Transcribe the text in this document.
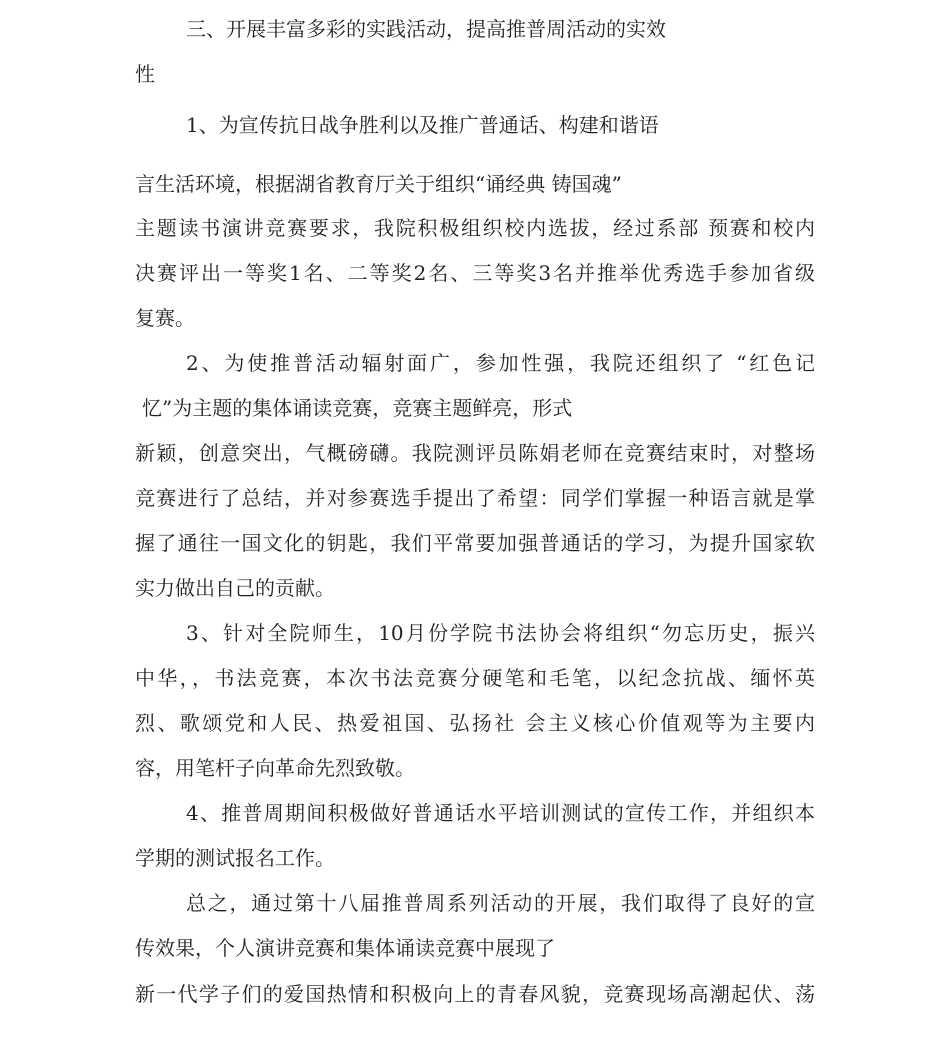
三、开展丰富多彩的实践活动，提高推普周活动的实效
性
1、为宣传抗日战争胜利以及推广普通话、构建和谐语
言生活环境，根据湖省教育厅关于组织“诵经典 铸国魂”
主题读书演讲竞赛要求，我院积极组织校内选拔，经过系部 预赛和校内
决赛评出一等奖1名、二等奖2名、三等奖3名并推举优秀选手参加省级
复赛。
2、为使推普活动辐射面广，参加性强，我院还组织了 “红色记
忆”为主题的集体诵读竞赛，竞赛主题鲜亮，形式
新颖，创意突出，气概磅礴。我院测评员陈娟老师在竞赛结束时，对整场
竞赛进行了总结，并对参赛选手提出了希望：同学们掌握一种语言就是掌
握了通往一国文化的钥匙，我们平常要加强普通话的学习，为提升国家软
实力做出自己的贡献。
3、针对全院师生，10月份学院书法协会将组织“勿忘历史，振兴
中华，，书法竞赛，本次书法竞赛分硬笔和毛笔，以纪念抗战、缅怀英
烈、歌颂党和人民、热爱祖国、弘扬社 会主义核心价值观等为主要内
容，用笔杆子向革命先烈致敬。
4、推普周期间积极做好普通话水平培训测试的宣传工作，并组织本
学期的测试报名工作。
总之，通过第十八届推普周系列活动的开展，我们取得了良好的宣
传效果，个人演讲竞赛和集体诵读竞赛中展现了
新一代学子们的爱国热情和积极向上的青春风貌，竞赛现场高潮起伏、荡
